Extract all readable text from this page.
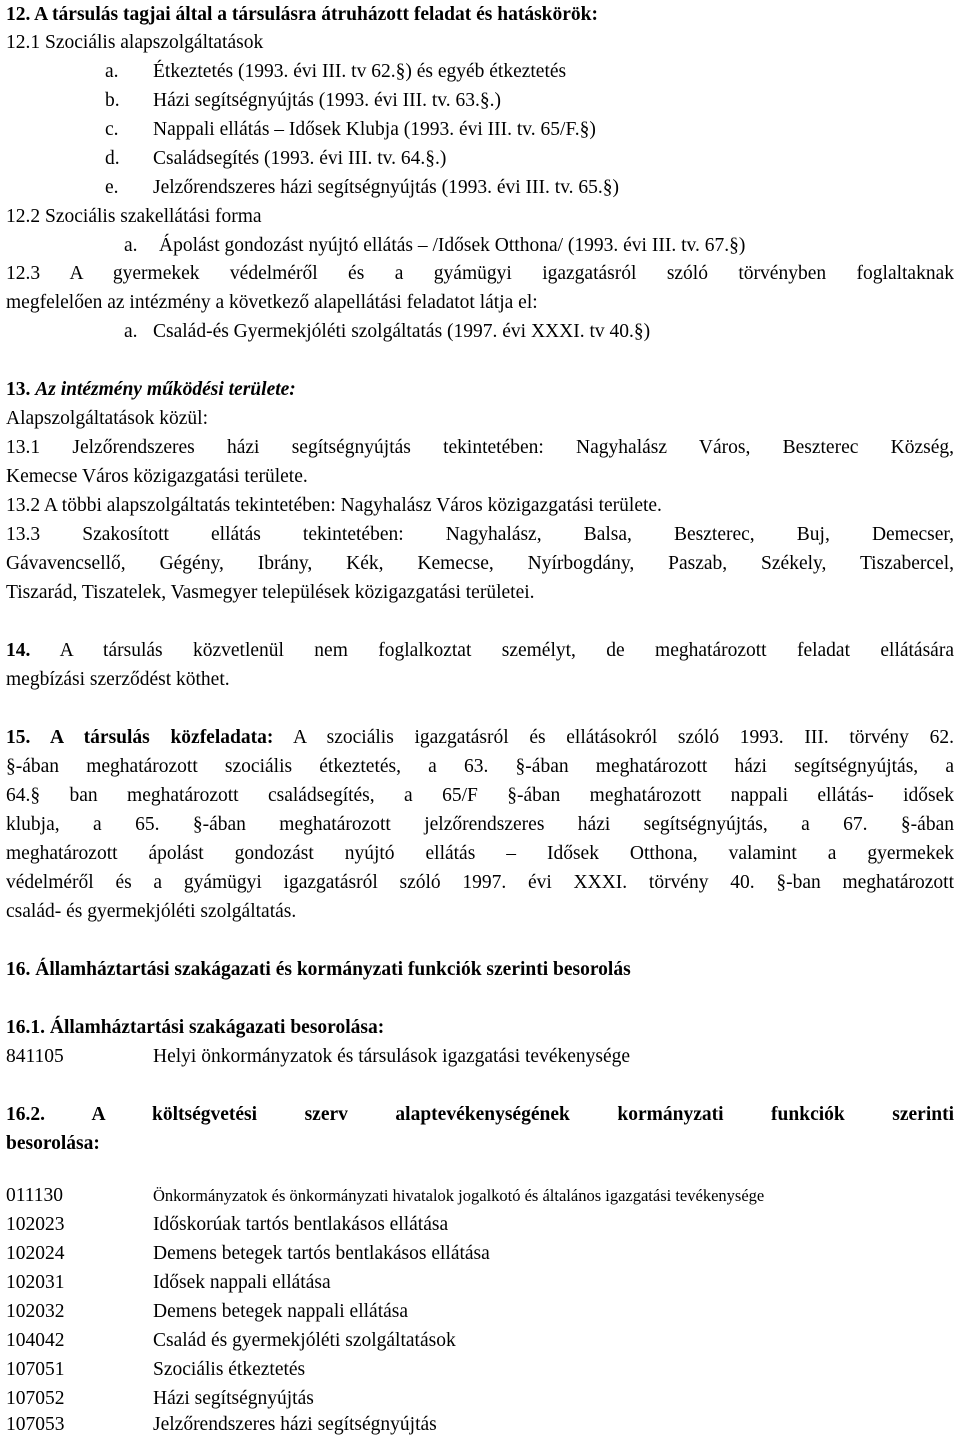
12. A társulás tagjai által a társulásra átruházott feladat és hatáskörök:
12.1 Szociális alapszolgáltatások
a. Étkeztetés (1993. évi III. tv 62.§) és egyéb étkeztetés
b. Házi segítségnyújtás (1993. évi III. tv. 63.§.)
c. Nappali ellátás – Idősek Klubja (1993. évi III. tv. 65/F.§)
d. Családsegítés (1993. évi III. tv. 64.§.)
e. Jelzőrendszeres házi segítségnyújtás (1993. évi III. tv. 65.§)
12.2 Szociális szakellátási forma
a. Ápolást gondozást nyújtó ellátás – /Idősek Otthona/ (1993. évi III. tv. 67.§)
12.3 A gyermekek védelméről és a gyámügyi igazgatásról szóló törvényben foglaltaknak
megfelelően az intézmény a következő alapellátási feladatot látja el:
a. Család-és Gyermekjóléti szolgáltatás (1997. évi XXXI. tv 40.§)
13. Az intézmény működési területe:
Alapszolgáltatások közül:
13.1 Jelzőrendszeres házi segítségnyújtás tekintetében: Nagyhalász Város, Beszterec Község,
Kemecse Város közigazgatási területe.
13.2 A többi alapszolgáltatás tekintetében: Nagyhalász Város közigazgatási területe.
13.3 Szakosított ellátás tekintetében: Nagyhalász, Balsa, Beszterec, Buj, Demecser,
Gávavencsellő, Gégény, Ibrány, Kék, Kemecse, Nyírbogdány, Paszab, Székely, Tiszabercel,
Tiszarád, Tiszatelek, Vasmegyer települések közigazgatási területei.
14. A társulás közvetlenül nem foglalkoztat személyt, de meghatározott feladat ellátására
megbízási szerződést köthet.
15. A társulás közfeladata: A szociális igazgatásról és ellátásokról szóló 1993. III. törvény 62.
§-ában meghatározott szociális étkeztetés, a 63. §-ában meghatározott házi segítségnyújtás, a
64.§ ban meghatározott családsegítés, a 65/F §-ában meghatározott nappali ellátás- idősek
klubja, a 65. §-ában meghatározott jelzőrendszeres házi segítségnyújtás, a 67. §-ában
meghatározott ápolást gondozást nyújtó ellátás – Idősek Otthona, valamint a gyermekek
védelméről és a gyámügyi igazgatásról szóló 1997. évi XXXI. törvény 40. §-ban meghatározott
család- és gyermekjóléti szolgáltatás.
16. Államháztartási szakágazati és kormányzati funkciók szerinti besorolás
16.1. Államháztartási szakágazati besorolása:
841105	Helyi önkormányzatok és társulások igazgatási tevékenysége
16.2. A költségvetési szerv alaptevékenységének kormányzati funkciók szerinti
besorolása:
011130	Önkormányzatok és önkormányzati hivatalok jogalkotó és általános igazgatási tevékenysége
102023	Időskorúak tartós bentlakásos ellátása
102024	Demens betegek tartós bentlakásos ellátása
102031	Idősek nappali ellátása
102032	Demens betegek nappali ellátása
104042	Család és gyermekjóléti szolgáltatások
107051	Szociális étkeztetés
107052	Házi segítségnyújtás
107053	Jelzőrendszeres házi segítségnyújtás
